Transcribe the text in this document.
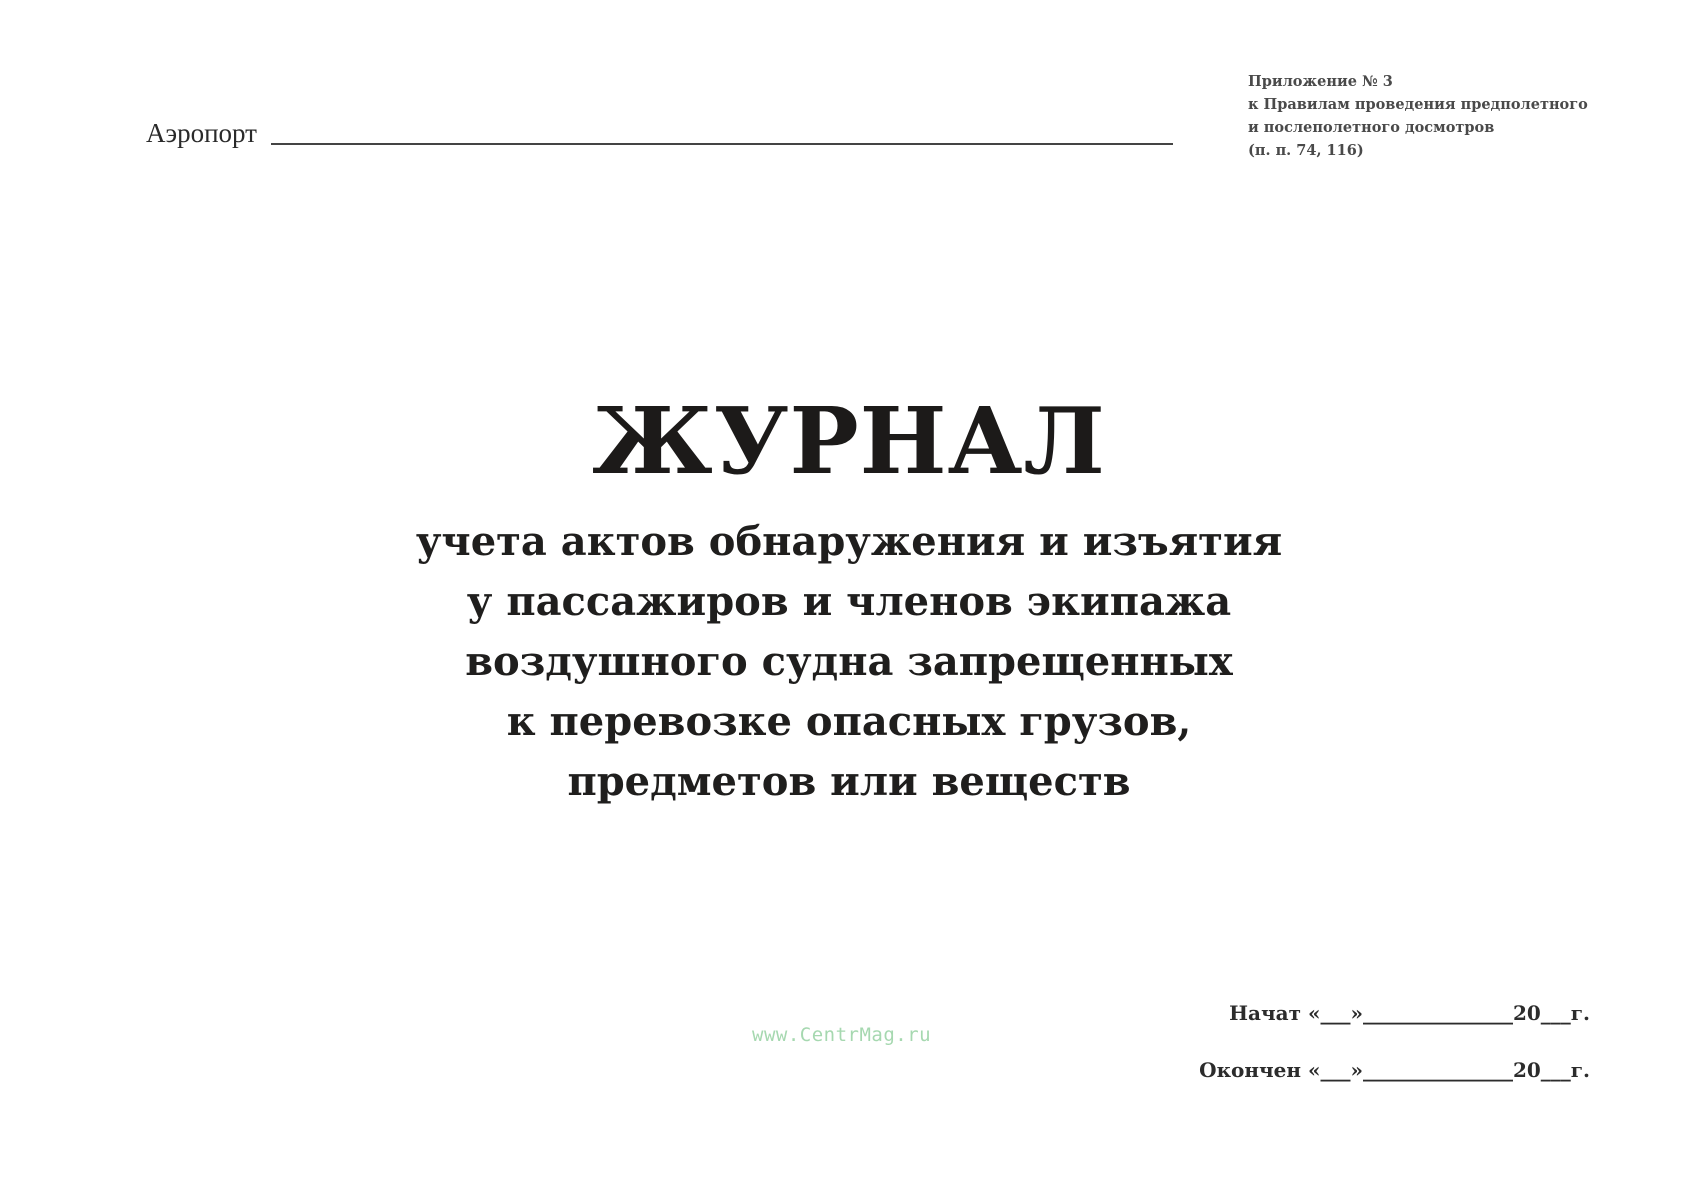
Аэропорт
Приложение № 3
к Правилам проведения предполетного
и послеполетного досмотров
(п. п. 74, 116)
ЖУРНАЛ
учета актов обнаружения и изъятия
у пассажиров и членов экипажа
воздушного судна запрещенных
к перевозке опасных грузов,
предметов или веществ
www.CentrMag.ru
Начат «___»_______________20___г.
Окончен «___»_______________20___г.
